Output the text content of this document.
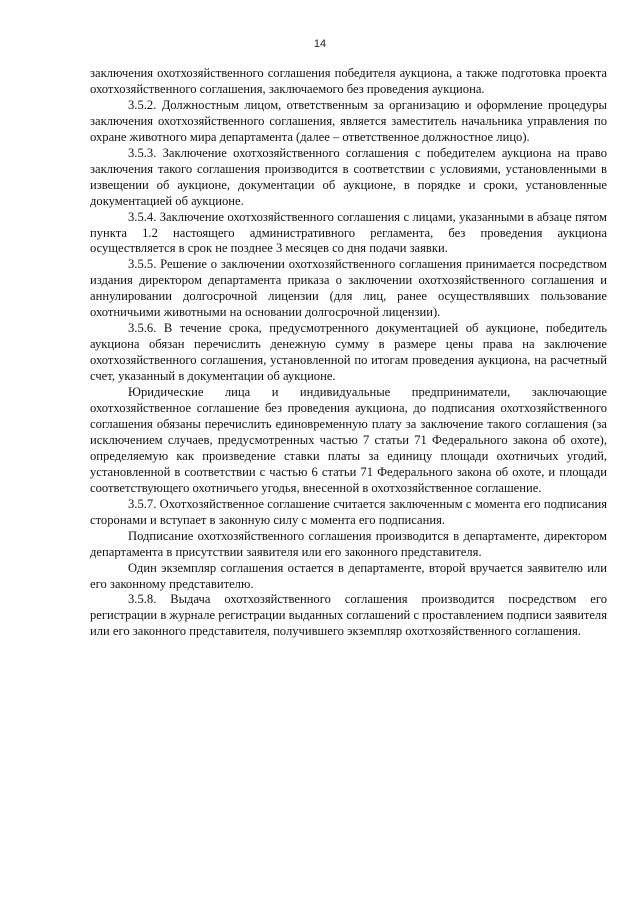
14

заключения охотхозяйственного соглашения победителя аукциона, а также подготовка проекта охотхозяйственного соглашения, заключаемого без проведения аукциона.

3.5.2. Должностным лицом, ответственным за организацию и оформление процедуры заключения охотхозяйственного соглашения, является заместитель начальника управления по охране животного мира департамента (далее – ответственное должностное лицо).

3.5.3. Заключение охотхозяйственного соглашения с победителем аукциона на право заключения такого соглашения производится в соответствии с условиями, установленными в извещении об аукционе, документации об аукционе, в порядке и сроки, установленные документацией об аукционе.

3.5.4. Заключение охотхозяйственного соглашения с лицами, указанными в абзаце пятом пункта 1.2 настоящего административного регламента, без проведения аукциона осуществляется в срок не позднее 3 месяцев со дня подачи заявки.

3.5.5. Решение о заключении охотхозяйственного соглашения принимается посредством издания директором департамента приказа о заключении охотхозяйственного соглашения и аннулировании долгосрочной лицензии (для лиц, ранее осуществлявших пользование охотничьими животными на основании долгосрочной лицензии).

3.5.6. В течение срока, предусмотренного документацией об аукционе, победитель аукциона обязан перечислить денежную сумму в размере цены права на заключение охотхозяйственного соглашения, установленной по итогам проведения аукциона, на расчетный счет, указанный в документации об аукционе.

Юридические лица и индивидуальные предприниматели, заключающие охотхозяйственное соглашение без проведения аукциона, до подписания охотхозяйственного соглашения обязаны перечислить единовременную плату за заключение такого соглашения (за исключением случаев, предусмотренных частью 7 статьи 71 Федерального закона об охоте), определяемую как произведение ставки платы за единицу площади охотничьих угодий, установленной в соответствии с частью 6 статьи 71 Федерального закона об охоте, и площади соответствующего охотничьего угодья, внесенной в охотхозяйственное соглашение.

3.5.7. Охотхозяйственное соглашение считается заключенным с момента его подписания сторонами и вступает в законную силу с момента его подписания.

Подписание охотхозяйственного соглашения производится в департаменте, директором департамента в присутствии заявителя или его законного представителя.

Один экземпляр соглашения остается в департаменте, второй вручается заявителю или его законному представителю.

3.5.8. Выдача охотхозяйственного соглашения производится посредством его регистрации в журнале регистрации выданных соглашений с проставлением подписи заявителя или его законного представителя, получившего экземпляр охотхозяйственного соглашения.
